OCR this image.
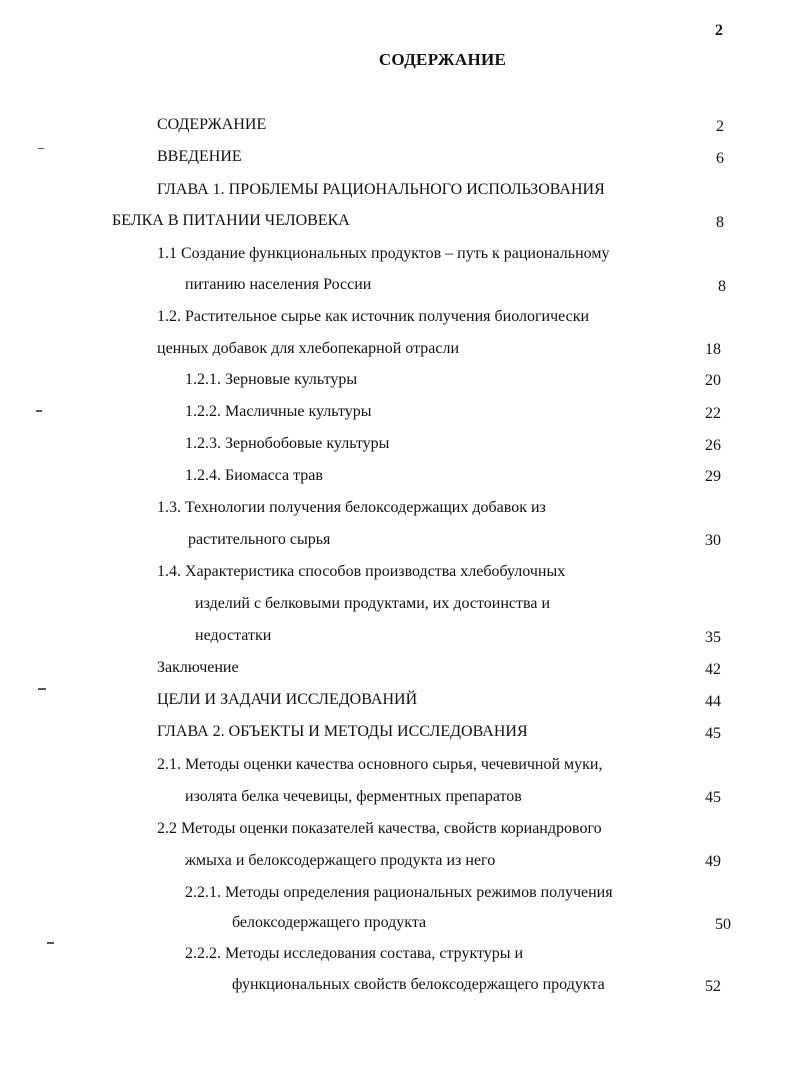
2
СОДЕРЖАНИЕ
СОДЕРЖАНИЕ	2
ВВЕДЕНИЕ	6
ГЛАВА 1. ПРОБЛЕМЫ РАЦИОНАЛЬНОГО ИСПОЛЬЗОВАНИЯ
БЕЛКА В ПИТАНИИ ЧЕЛОВЕКА	8
1.1 Создание функциональных продуктов – путь к рациональному
питанию населения России	8
1.2. Растительное сырье как источник получения биологически
ценных добавок для хлебопекарной отрасли	18
1.2.1. Зерновые культуры	20
1.2.2. Масличные культуры	22
1.2.3. Зернобобовые культуры	26
1.2.4. Биомасса трав	29
1.3. Технологии получения белоксодержащих добавок из
растительного сырья	30
1.4. Характеристика способов производства хлебобулочных
изделий с белковыми продуктами, их достоинства и
недостатки	35
Заключение	42
ЦЕЛИ И ЗАДАЧИ ИССЛЕДОВАНИЙ	44
ГЛАВА 2. ОБЪЕКТЫ И МЕТОДЫ ИССЛЕДОВАНИЯ	45
2.1. Методы оценки качества основного сырья, чечевичной муки,
изолята белка чечевицы, ферментных препаратов	45
2.2 Методы оценки показателей качества, свойств кориандрового
жмыха и белоксодержащего продукта из него	49
2.2.1. Методы определения рациональных режимов получения
белоксодержащего продукта	50
2.2.2. Методы исследования состава, структуры и
функциональных свойств белоксодержащего продукта	52
